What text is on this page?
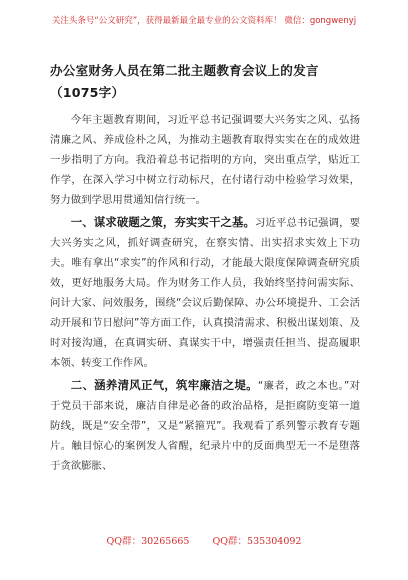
关注头条号“公文研究”，获得最新最全最专业的公文资料库！ 微信：gongwenyj
办公室财务人员在第二批主题教育会议上的发言（1075字）

今年主题教育期间，习近平总书记强调要大兴务实之风、弘扬清廉之风、养成俭朴之风，为推动主题教育取得实实在在的成效进一步指明了方向。我沿着总书记指明的方向，突出重点学，贴近工作学，在深入学习中树立行动标尺，在付诸行动中检验学习效果，努力做到学思用贯通知信行统一。

一、谋求破题之策，夯实实干之基。习近平总书记强调，要大兴务实之风，抓好调查研究，在察实情、出实招求实效上下功夫。唯有拿出“求实”的作风和行动，才能最大限度保障调查研究质效，更好地服务大局。作为财务工作人员，我始终坚持问需实际、问计大家、问效服务，围绕“会议后勤保障、办公环境提升、工会活动开展和节日慰问”等方面工作，认真摸清需求、积极出谋划策、及时对接沟通，在真调实研、真谋实干中，增强责任担当、提高履职本领、转变工作作风。

二、涵养清风正气，筑牢廉洁之堤。“廉者，政之本也。”对于党员干部来说，廉洁自律是必备的政治品格，是拒腐防变第一道防线，既是“安全带”，又是“紧箍咒”。我观看了系列警示教育专题片。触目惊心的案例发人省醒，纪录片中的反面典型无一不是堕落于贪欲膨胀、

QQ群：30265665 QQ群：535304092
